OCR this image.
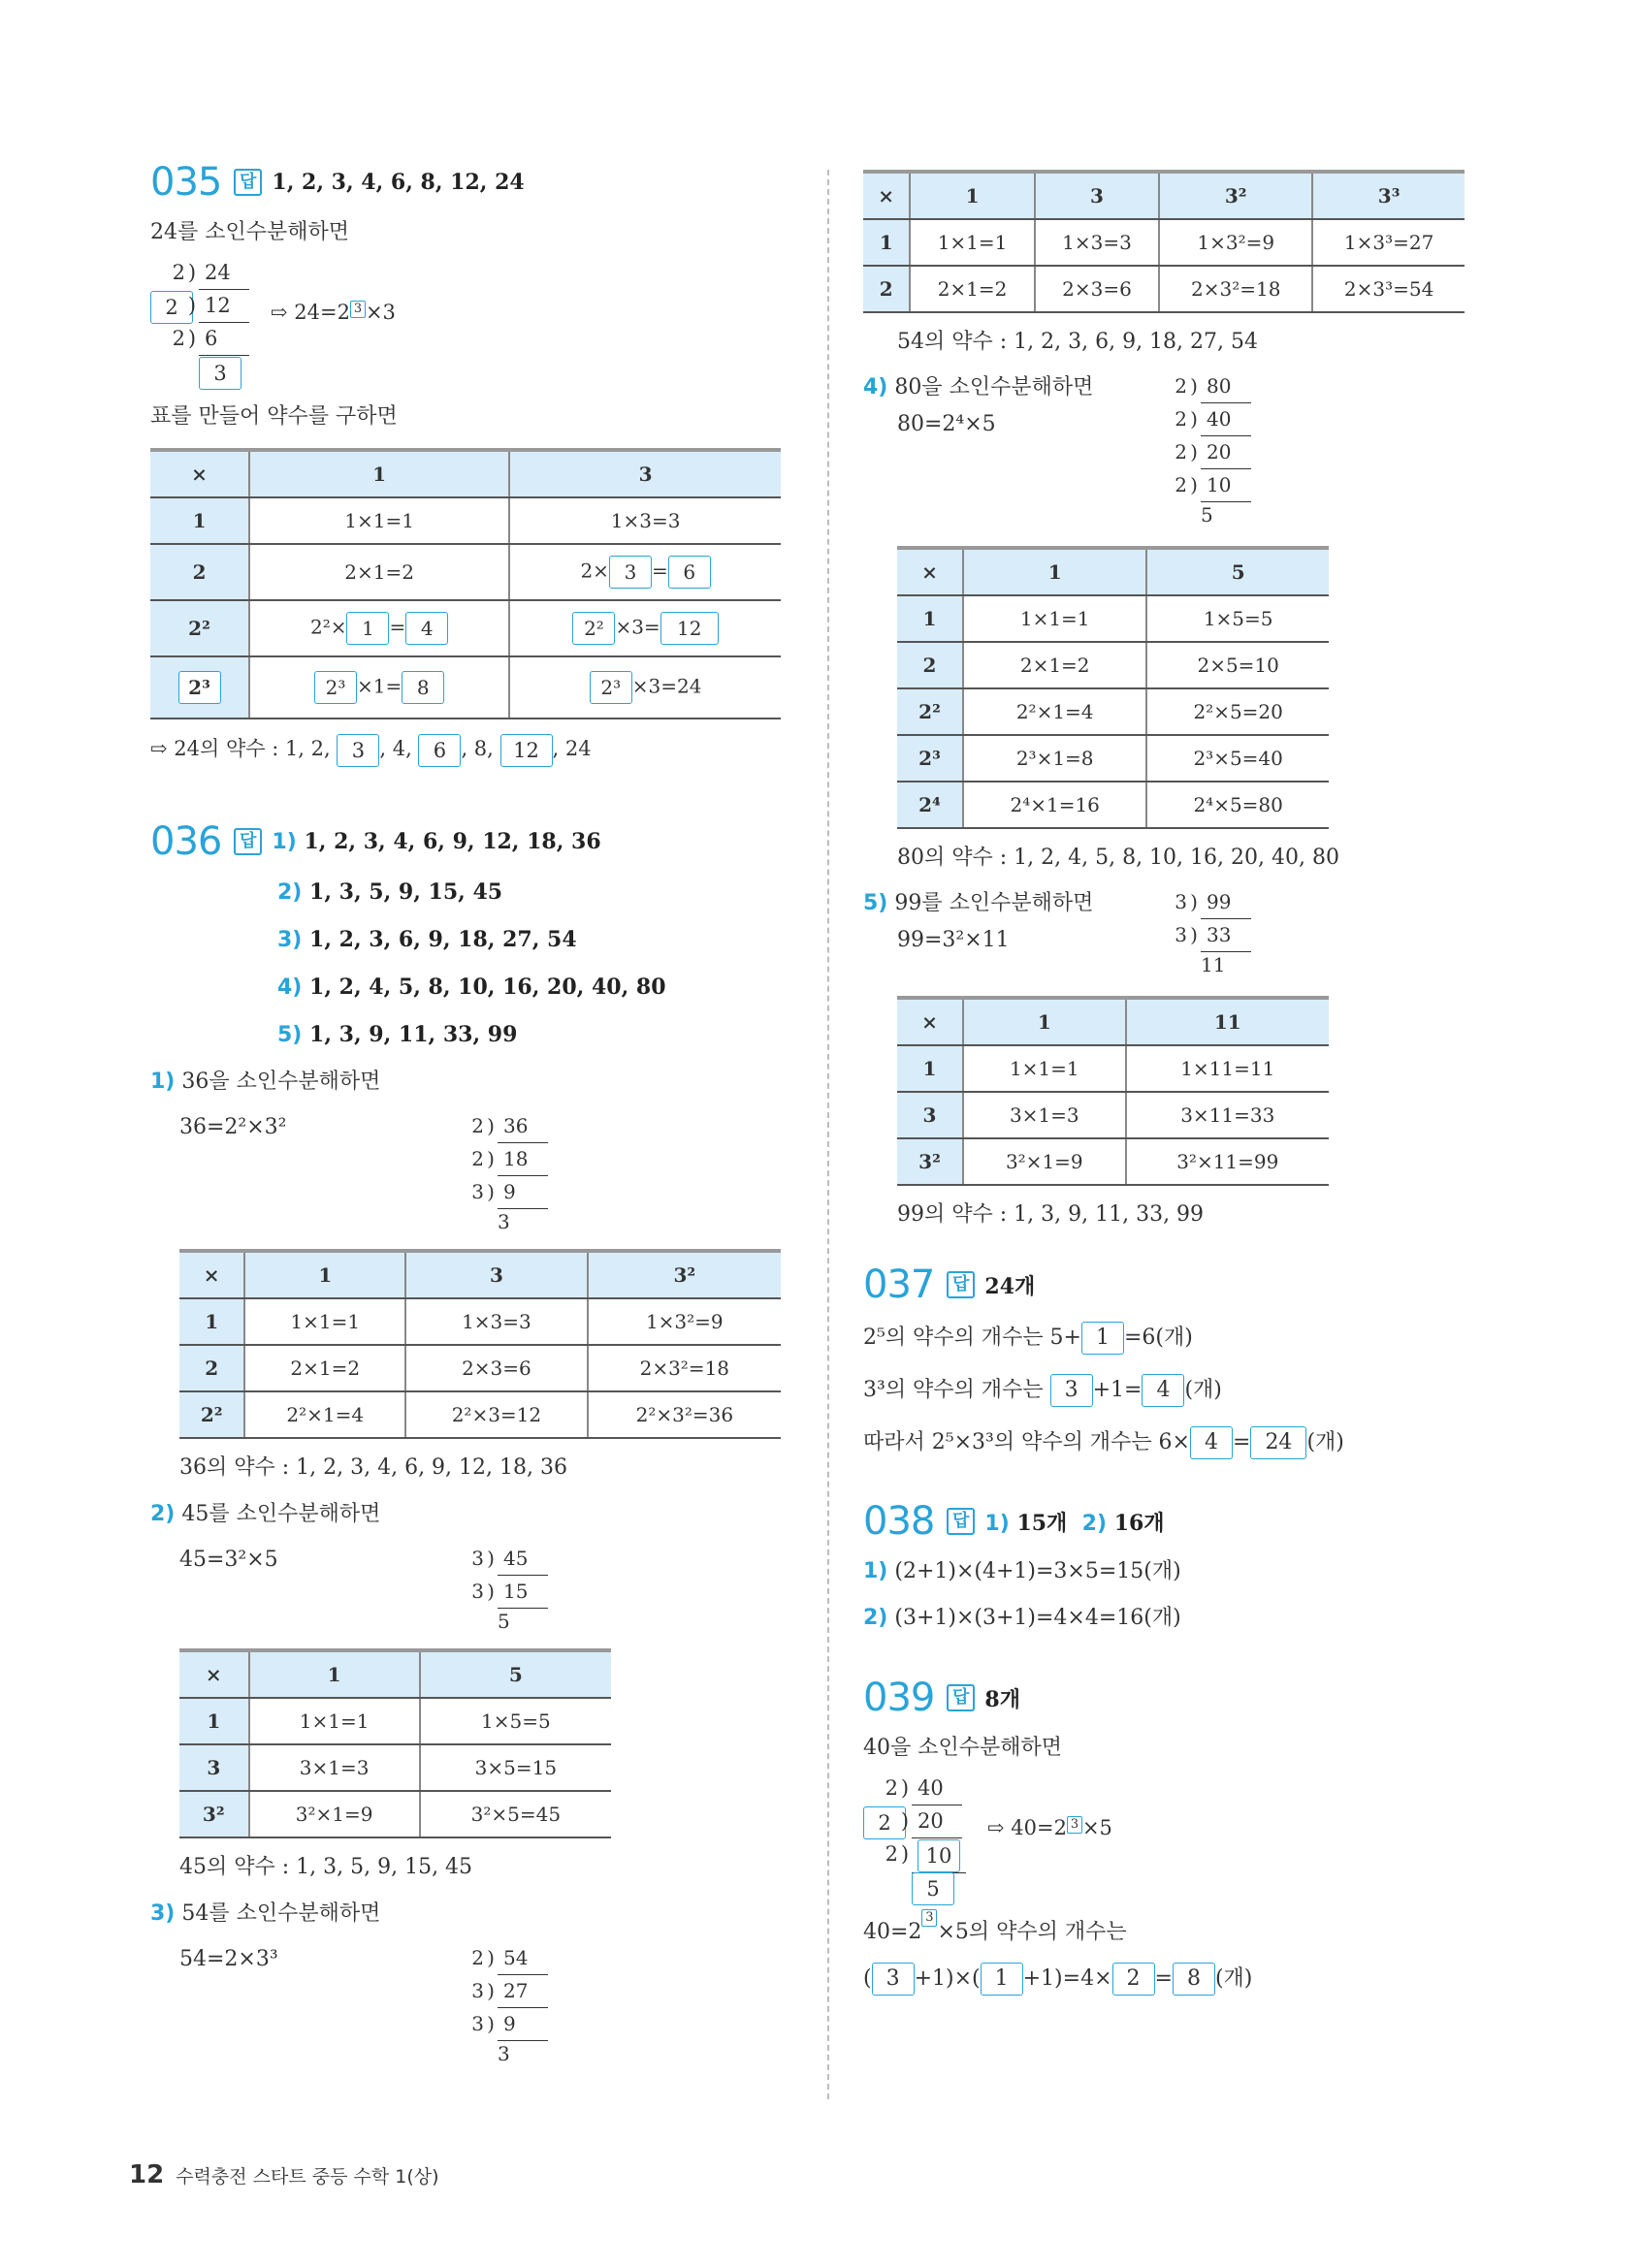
035	답 1, 2, 3, 4, 6, 8, 12, 24
24를 소인수분해하면
2 ) 24
2 ) 12
2 ) 6
3
⇨ 24=2 3 ×3
표를 만들어 약수를 구하면
×	1	3
1	1×1=1	1×3=3
2	2×1=2	2× 3 = 6
2²	2²× 1 = 4	2² ×3= 12
2³	2³ ×1= 8	2³ ×3=24
⇨ 24의 약수 : 1, 2, 3 , 4, 6 , 8, 12 , 24
036	답 1) 1, 2, 3, 4, 6, 9, 12, 18, 36
2) 1, 3, 5, 9, 15, 45
3) 1, 2, 3, 6, 9, 18, 27, 54
4) 1, 2, 4, 5, 8, 10, 16, 20, 40, 80
5) 1, 3, 9, 11, 33, 99
1) 36을 소인수분해하면
36=2²×3²	2 ) 36
2 ) 18
3 ) 9
3
×	1	3	3²
1	1×1=1	1×3=3	1×3²=9
2	2×1=2	2×3=6	2×3²=18
2²	2²×1=4	2²×3=12	2²×3²=36
36의 약수 : 1, 2, 3, 4, 6, 9, 12, 18, 36
2) 45를 소인수분해하면
45=3²×5	3 ) 45
3 ) 15
5
×	1	5
1	1×1=1	1×5=5
3	3×1=3	3×5=15
3²	3²×1=9	3²×5=45
45의 약수 : 1, 3, 5, 9, 15, 45
3) 54를 소인수분해하면
54=2×3³	2 ) 54
3 ) 27
3 ) 9
3
×	1	3	3²	3³
1	1×1=1	1×3=3	1×3²=9	1×3³=27
2	2×1=2	2×3=6	2×3²=18	2×3³=54
54의 약수 : 1, 2, 3, 6, 9, 18, 27, 54
4) 80을 소인수분해하면
80=2⁴×5
2 ) 80
2 ) 40
2 ) 20
2 ) 10
5
×	1	5
1	1×1=1	1×5=5
2	2×1=2	2×5=10
2²	2²×1=4	2²×5=20
2³	2³×1=8	2³×5=40
2⁴	2⁴×1=16	2⁴×5=80
80의 약수 : 1, 2, 4, 5, 8, 10, 16, 20, 40, 80
5) 99를 소인수분해하면
99=3²×11
3 ) 99
3 ) 33
11
×	1	11
1	1×1=1	1×11=11
3	3×1=3	3×11=33
3²	3²×1=9	3²×11=99
99의 약수 : 1, 3, 9, 11, 33, 99
037	답 24개
2⁵의 약수의 개수는 5+ 1 =6(개)
3³의 약수의 개수는 3 +1= 4 (개)
따라서 2⁵×3³의 약수의 개수는 6× 4 = 24 (개)
038	답 1) 15개 2) 16개
1) (2+1)×(4+1)=3×5=15(개)
2) (3+1)×(3+1)=4×4=16(개)
039	답 8개
40을 소인수분해하면
2 ) 40
2 ) 20
2 ) 10
5
⇨ 40=2 3 ×5
40=23×5의 약수의 개수는
( 3 +1)×( 1 +1)=4× 2 = 8 (개)
12 수력충전 스타트 중등 수학 1(상)
